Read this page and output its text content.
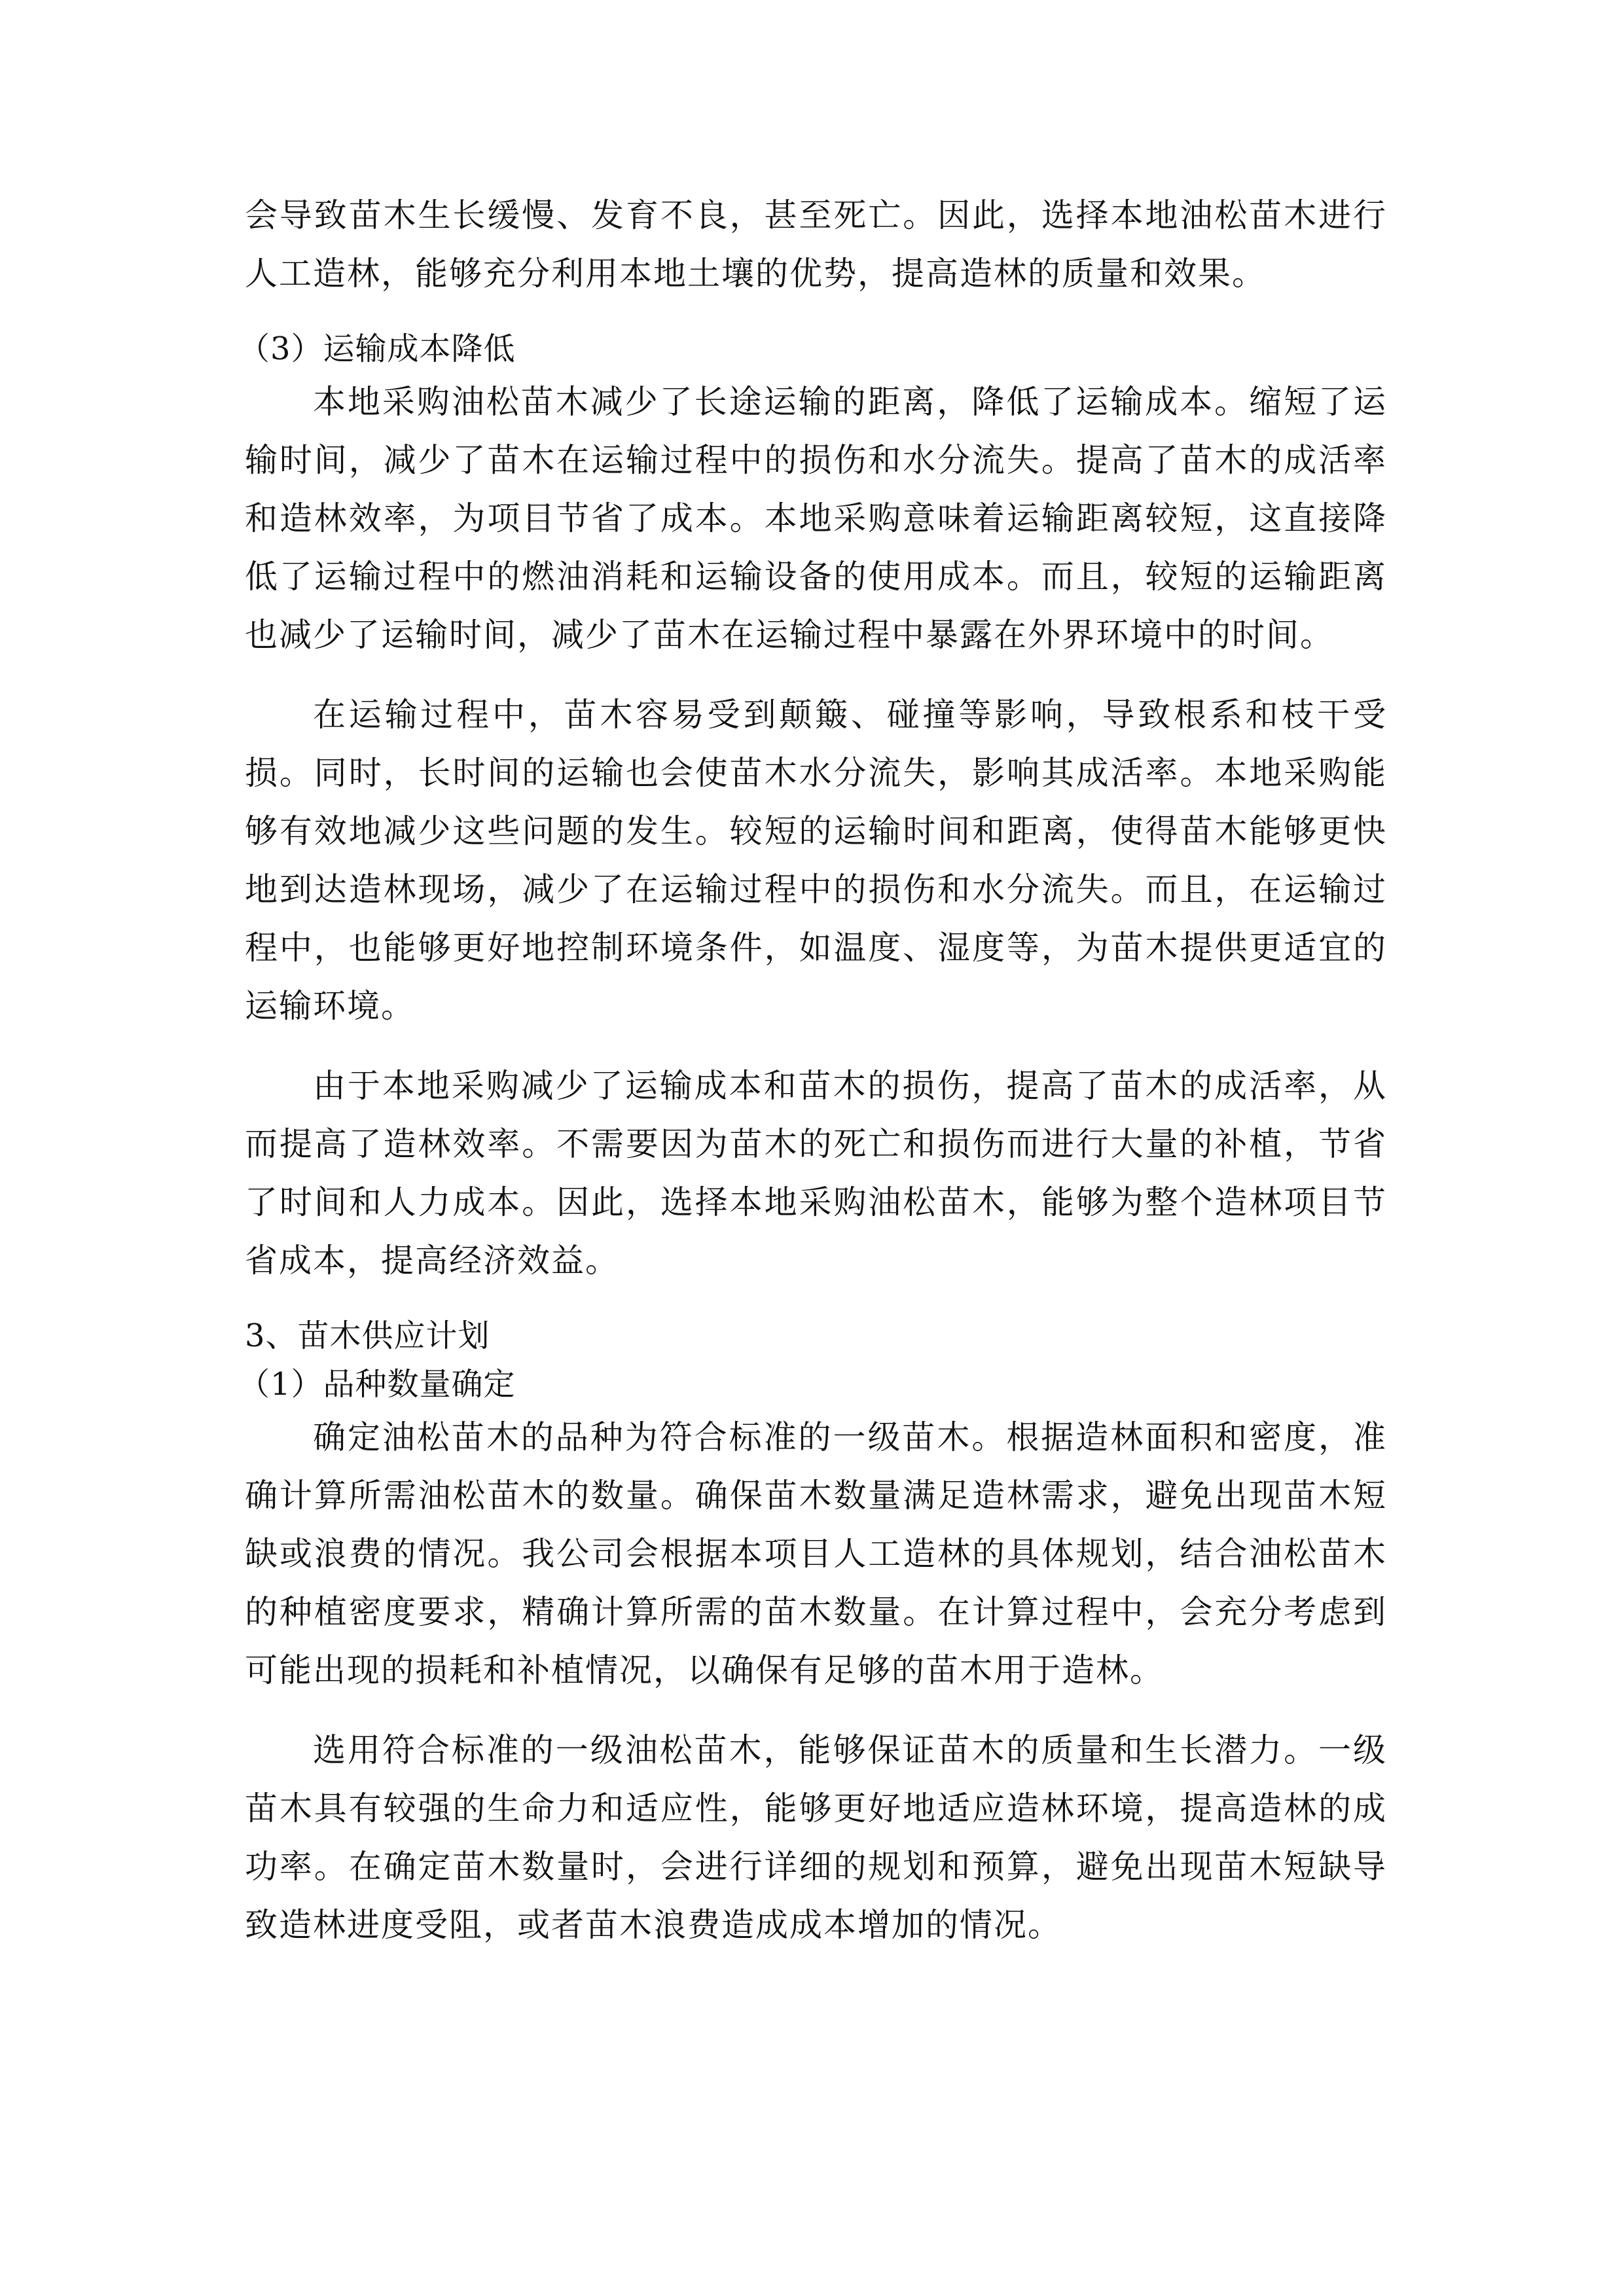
会导致苗木生长缓慢、发育不良，甚至死亡。因此，选择本地油松苗木进行人工造林，能够充分利用本地土壤的优势，提高造林的质量和效果。

（3）运输成本降低

本地采购油松苗木减少了长途运输的距离，降低了运输成本。缩短了运输时间，减少了苗木在运输过程中的损伤和水分流失。提高了苗木的成活率和造林效率，为项目节省了成本。本地采购意味着运输距离较短，这直接降低了运输过程中的燃油消耗和运输设备的使用成本。而且，较短的运输距离也减少了运输时间，减少了苗木在运输过程中暴露在外界环境中的时间。

在运输过程中，苗木容易受到颠簸、碰撞等影响，导致根系和枝干受损。同时，长时间的运输也会使苗木水分流失，影响其成活率。本地采购能够有效地减少这些问题的发生。较短的运输时间和距离，使得苗木能够更快地到达造林现场，减少了在运输过程中的损伤和水分流失。而且，在运输过程中，也能够更好地控制环境条件，如温度、湿度等，为苗木提供更适宜的运输环境。

由于本地采购减少了运输成本和苗木的损伤，提高了苗木的成活率，从而提高了造林效率。不需要因为苗木的死亡和损伤而进行大量的补植，节省了时间和人力成本。因此，选择本地采购油松苗木，能够为整个造林项目节省成本，提高经济效益。

3、苗木供应计划

（1）品种数量确定

确定油松苗木的品种为符合标准的一级苗木。根据造林面积和密度，准确计算所需油松苗木的数量。确保苗木数量满足造林需求，避免出现苗木短缺或浪费的情况。我公司会根据本项目人工造林的具体规划，结合油松苗木的种植密度要求，精确计算所需的苗木数量。在计算过程中，会充分考虑到可能出现的损耗和补植情况，以确保有足够的苗木用于造林。

选用符合标准的一级油松苗木，能够保证苗木的质量和生长潜力。一级苗木具有较强的生命力和适应性，能够更好地适应造林环境，提高造林的成功率。在确定苗木数量时，会进行详细的规划和预算，避免出现苗木短缺导致造林进度受阻，或者苗木浪费造成成本增加的情况。
